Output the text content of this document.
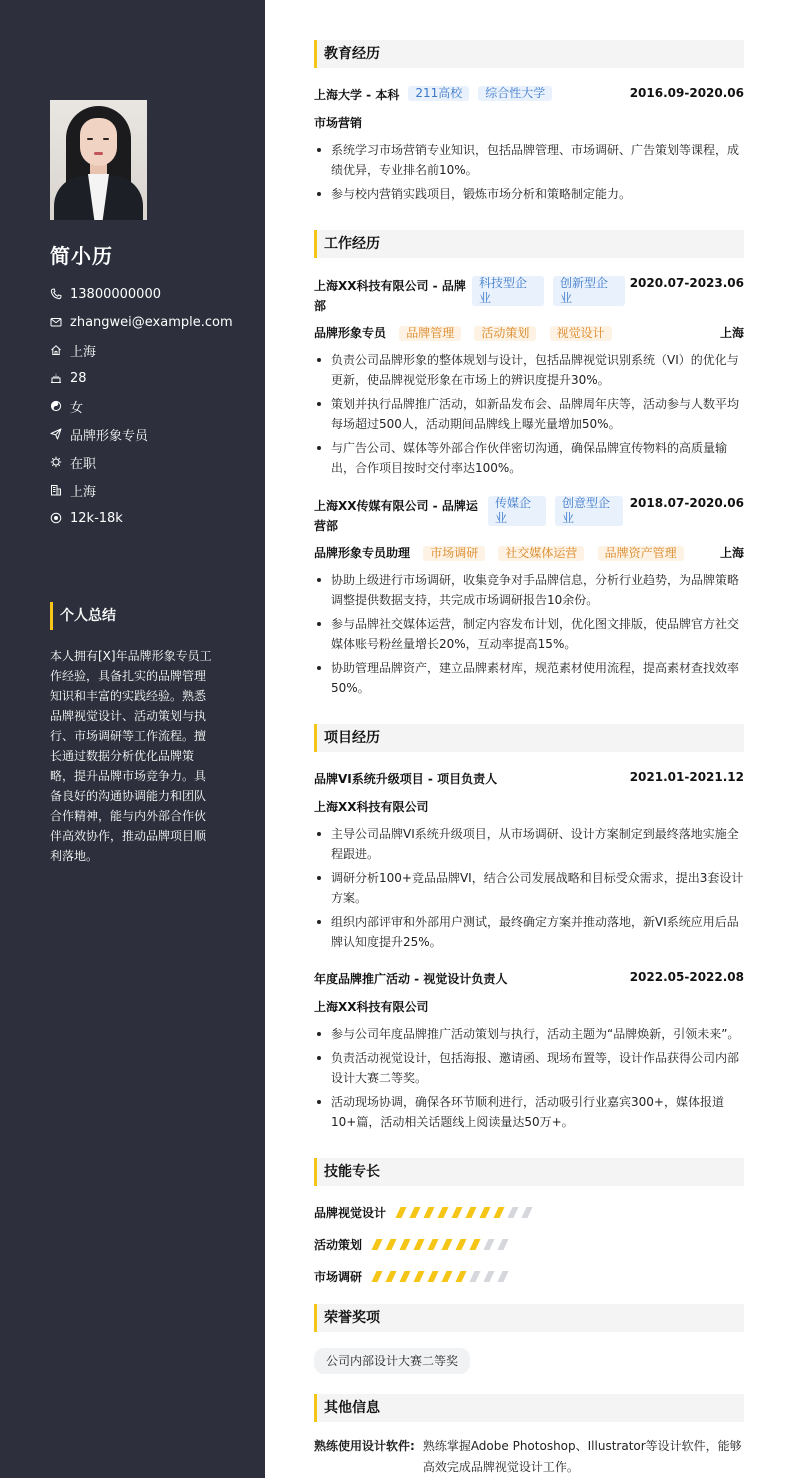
简小历
13800000000
zhangwei@example.com
上海
28
女
品牌形象专员
在职
上海
12k-18k
个人总结
本人拥有[X]年品牌形象专员工作经验，具备扎实的品牌管理知识和丰富的实践经验。熟悉品牌视觉设计、活动策划与执行、市场调研等工作流程。擅长通过数据分析优化品牌策略，提升品牌市场竞争力。具备良好的沟通协调能力和团队合作精神，能与内外部合作伙伴高效协作，推动品牌项目顺利落地。
教育经历
上海大学 - 本科	211高校	综合性大学	2016.09-2020.06
市场营销
系统学习市场营销专业知识，包括品牌管理、市场调研、广告策划等课程，成绩优异，专业排名前10%。
参与校内营销实践项目，锻炼市场分析和策略制定能力。
工作经历
上海XX科技有限公司 - 品牌部
科技型企业
创新型企业
2020.07-2023.06
品牌形象专员 品牌管理 活动策划 视觉设计	上海
负责公司品牌形象的整体规划与设计，包括品牌视觉识别系统（VI）的优化与更新，使品牌视觉形象在市场上的辨识度提升30%。
策划并执行品牌推广活动，如新品发布会、品牌周年庆等，活动参与人数平均每场超过500人，活动期间品牌线上曝光量增加50%。
与广告公司、媒体等外部合作伙伴密切沟通，确保品牌宣传物料的高质量输出，合作项目按时交付率达100%。
上海XX传媒有限公司 - 品牌运营部
传媒企业
创意型企业
2018.07-2020.06
品牌形象专员助理 市场调研 社交媒体运营 品牌资产管理	上海
协助上级进行市场调研，收集竞争对手品牌信息，分析行业趋势，为品牌策略调整提供数据支持，共完成市场调研报告10余份。
参与品牌社交媒体运营，制定内容发布计划，优化图文排版，使品牌官方社交媒体账号粉丝量增长20%，互动率提高15%。
协助管理品牌资产，建立品牌素材库，规范素材使用流程，提高素材查找效率50%。
项目经历
品牌VI系统升级项目 - 项目负责人	2021.01-2021.12
上海XX科技有限公司
主导公司品牌VI系统升级项目，从市场调研、设计方案制定到最终落地实施全程跟进。
调研分析100+竞品品牌VI，结合公司发展战略和目标受众需求，提出3套设计方案。
组织内部评审和外部用户测试，最终确定方案并推动落地，新VI系统应用后品牌认知度提升25%。
年度品牌推广活动 - 视觉设计负责人	2022.05-2022.08
上海XX科技有限公司
参与公司年度品牌推广活动策划与执行，活动主题为“品牌焕新，引领未来”。
负责活动视觉设计，包括海报、邀请函、现场布置等，设计作品获得公司内部设计大赛二等奖。
活动现场协调，确保各环节顺利进行，活动吸引行业嘉宾300+，媒体报道10+篇，活动相关话题线上阅读量达50万+。
技能专长
品牌视觉设计
活动策划
市场调研
荣誉奖项
公司内部设计大赛二等奖
其他信息
熟练使用设计软件: 熟练掌握Adobe Photoshop、Illustrator等设计软件，能够高效完成品牌视觉设计工作。
